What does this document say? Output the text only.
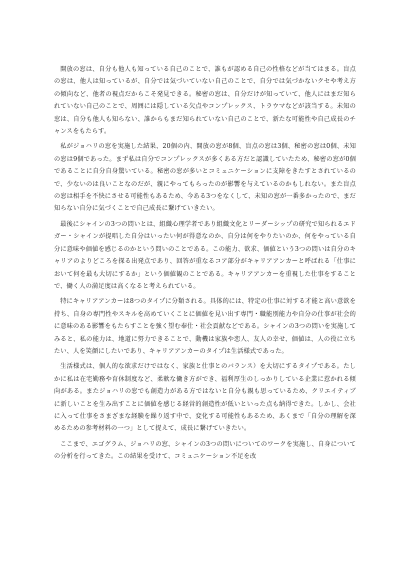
開放の窓は、自分も他人も知っている自己のことで、誰もが認める自己の性格などが当てはまる。盲点の窓は、他人は知っているが、自分では気づいていない自己のことで、自分では気づかないクセや考え方の傾向など、他者の視点だからこそ発見できる。秘密の窓は、自分だけが知っていて、他人にはまだ知られていない自己のことで、周囲には隠している欠点やコンプレックス、トラウマなどが該当する。未知の窓は、自分も他人も知らない、誰からもまだ知られていない自己のことで、新たな可能性や自己成長のチャンスをもたらす。

私がジョハリの窓を実施した結果、20個の内、開放の窓が8個、盲点の窓は3個、秘密の窓は0個、未知の窓は9個であった。まず私は自分でコンプレックスが多くある方だと認識していたため、秘密の窓が0個であることに自分自身驚いている。秘密の窓が多いとコミュニケーションに支障をきたすとされているので、少ないのは良いことなのだが、親にやってもらったのが影響を与えているのかもしれない。また盲点の窓は相手を不快にさせる可能性もあるため、今ある3つをなくして、未知の窓が一番多かったので、まだ知らない自分に気づくことで自己成長に繋げていきたい。

最後にシャインの3つの問いとは、組織心理学者であり組織文化とリーダーシップの研究で知られるエドガー・シャインが提唱した自分はいったい何が得意なのか、自分は何をやりたいのか、何をやっている自分に意味や価値を感じるのかという問いのことである。この能力、欲求、価値という3つの問いは自分のキャリアのよりどころを探る出発点であり、回答が重なるコア部分がキャリアアンカーと呼ばれる「仕事において何を最も大切にするか」という価値観のことである。キャリアアンカーを重視した仕事をすることで、働く人の満足度は高くなると考えられている。

特にキャリアアンカーは8つのタイプに分類される。具体的には、特定の仕事に対する才能と高い意欲を持ち、自身の専門性やスキルを高めていくことに価値を見い出す専門・職能別能力や自分の仕事が社会的に意味のある影響をもたらすことを強く望む奉仕・社会貢献などである。シャインの3つの問いを実施してみると、私の能力は、地道に努力できることで、動機は家族や恋人、友人の幸せ、価値は、人の役に立ちたい、人を笑顔にしたいであり、キャリアアンカーのタイプは生活様式であった。

生活様式は、個人的な欲求だけではなく、家族と仕事とのバランス）を大切にするタイプである。たしかに私は在宅勤務や育休制度など、柔軟な働き方ができ、福利厚生のしっかりしている企業に惹かれる傾向がある。またジョハリの窓でも創造力がある方ではないと自分も親も思っているため、クリエイティブに新しいことを生み出すことに価値を感じる経営的創造性が低いといった点も納得できた。しかし、会社に入って仕事をさまざまな経験を繰り返す中で、変化する可能性もあるため、あくまで「自分の理解を深めるための参考材料の一つ」として捉えて、成長に繋げていきたい。

ここまで、エゴグラム、ジョハリの窓、シャインの3つの問いについてのワークを実施し、自身についての分析を行ってきた。この結果を受けて、コミュニケーション不足を改
